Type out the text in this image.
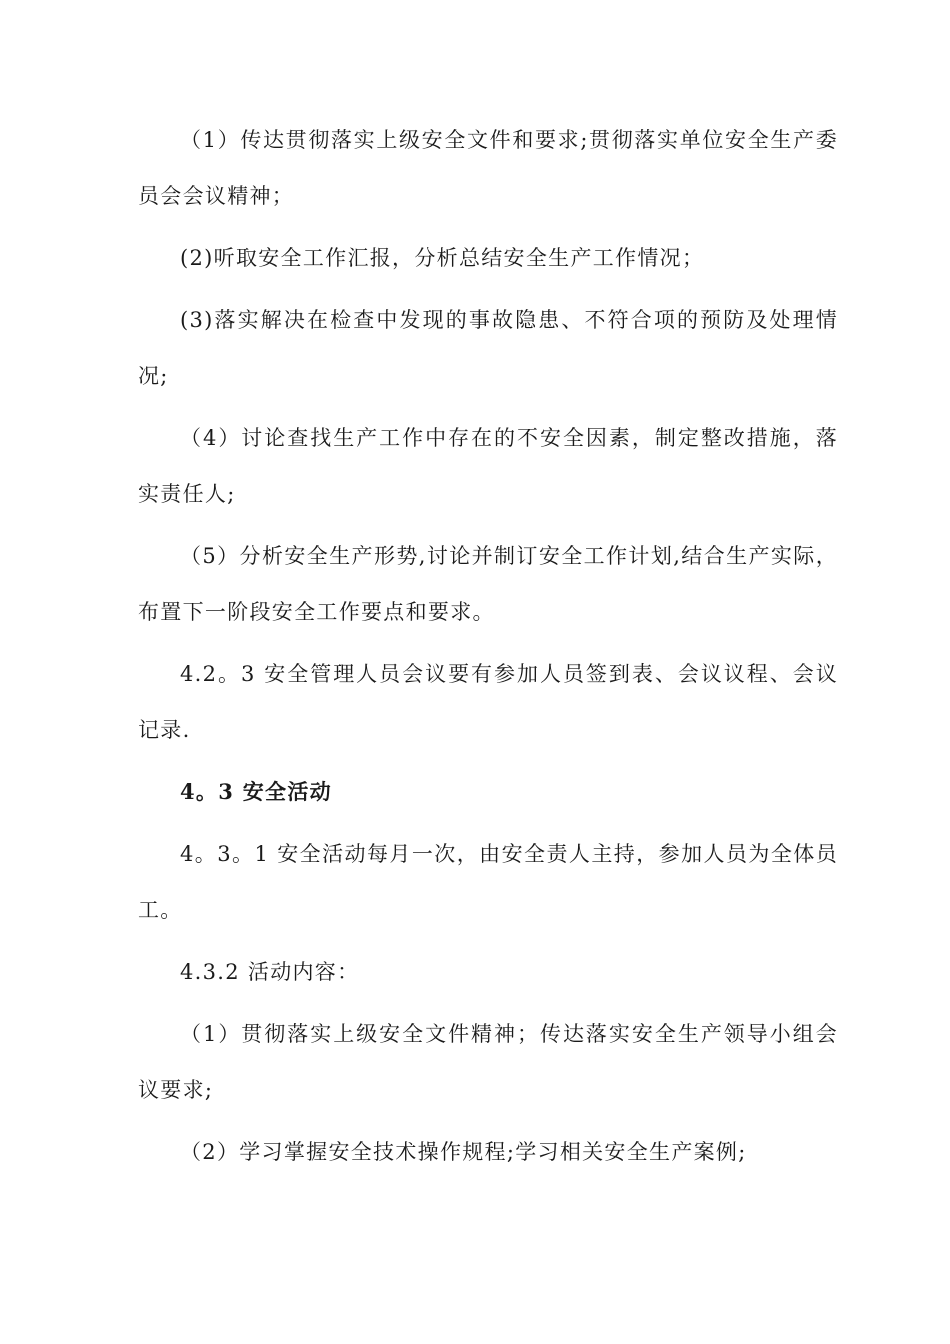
（1）传达贯彻落实上级安全文件和要求;贯彻落实单位安全生产委员会会议精神；

(2)听取安全工作汇报，分析总结安全生产工作情况；

(3)落实解决在检查中发现的事故隐患、不符合项的预防及处理情况;

（4）讨论查找生产工作中存在的不安全因素，制定整改措施，落实责任人;

（5）分析安全生产形势,讨论并制订安全工作计划,结合生产实际，布置下一阶段安全工作要点和要求。

4.2。3 安全管理人员会议要有参加人员签到表、会议议程、会议记录.

4。3 安全活动

4。3。1 安全活动每月一次，由安全责人主持，参加人员为全体员工。

4.3.2 活动内容：

（1）贯彻落实上级安全文件精神；传达落实安全生产领导小组会议要求;

（2）学习掌握安全技术操作规程;学习相关安全生产案例;
